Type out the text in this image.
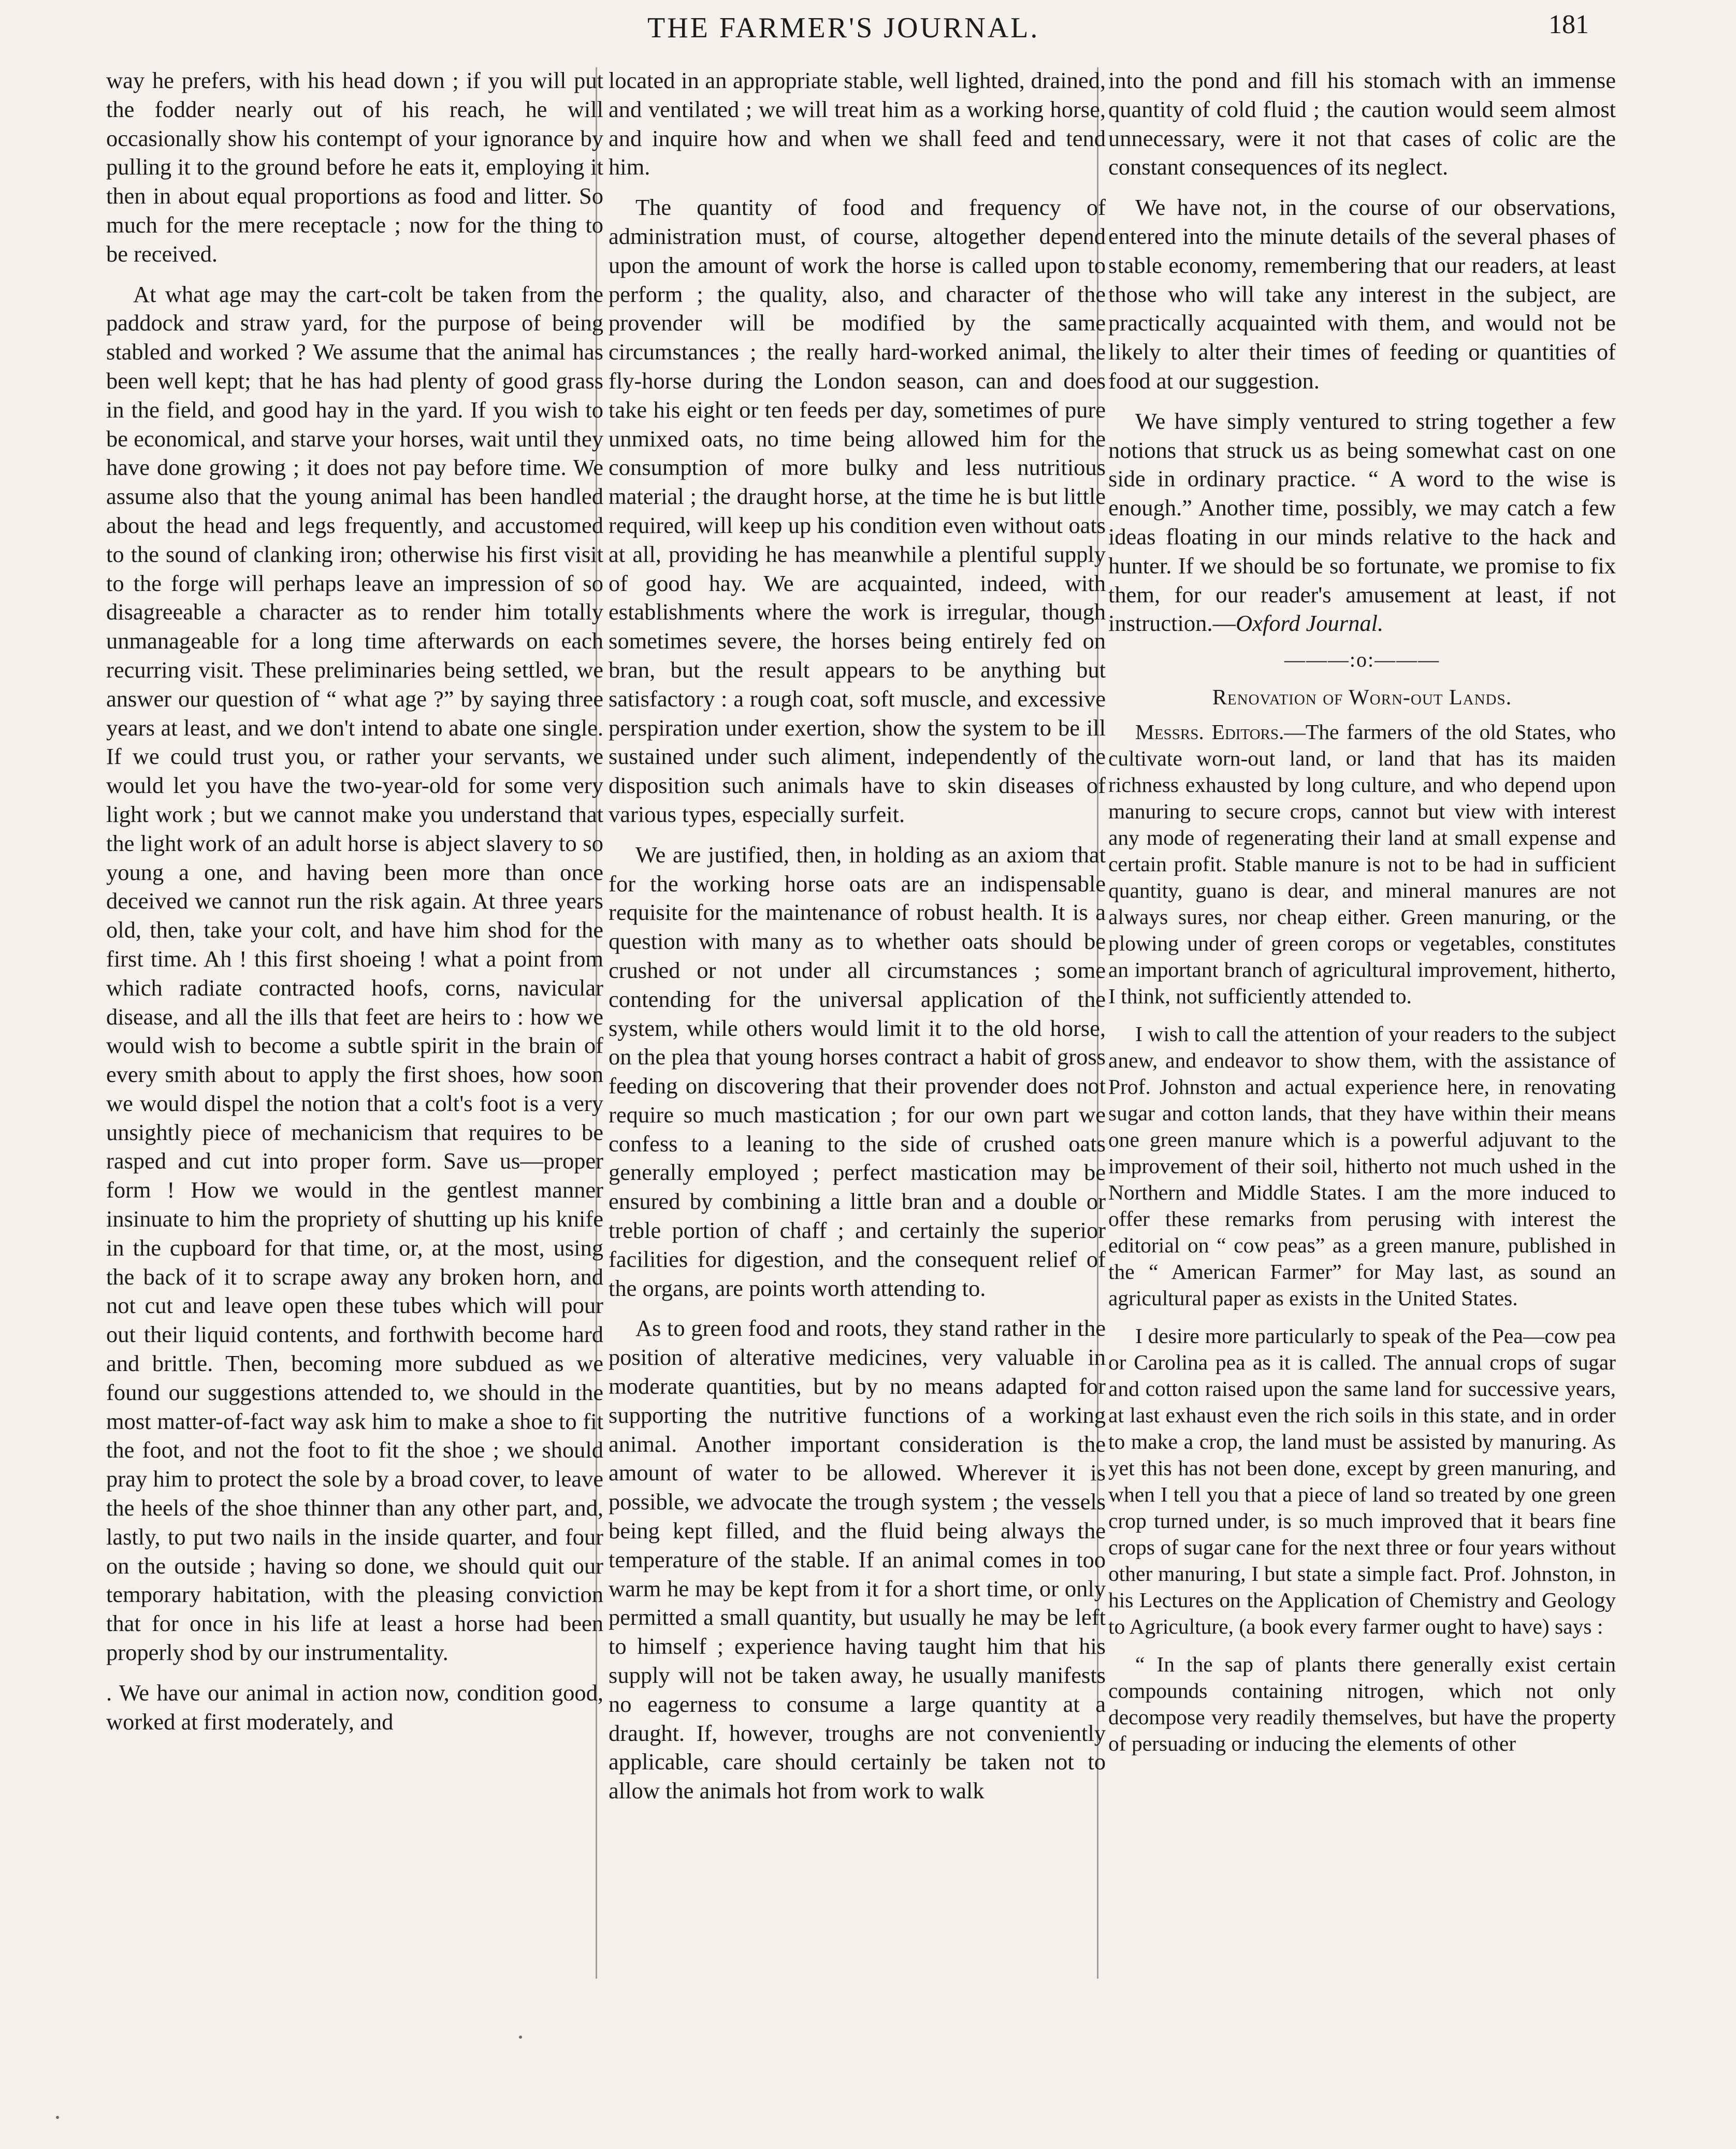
THE FARMER'S JOURNAL.	181

way he prefers, with his head down ; if you will put the fodder nearly out of his reach, he will occasionally show his contempt of your ignorance by pulling it to the ground before he eats it, employing it then in about equal proportions as food and litter. So much for the mere receptacle ; now for the thing to be received.

At what age may the cart-colt be taken from the paddock and straw yard, for the purpose of being stabled and worked ? We assume that the animal has been well kept; that he has had plenty of good grass in the field, and good hay in the yard. If you wish to be economical, and starve your horses, wait until they have done growing ; it does not pay before time. We assume also that the young animal has been handled about the head and legs frequently, and accustomed to the sound of clanking iron; otherwise his first visit to the forge will perhaps leave an impression of so disagreeable a character as to render him totally unmanageable for a long time afterwards on each recurring visit. These preliminaries being settled, we answer our question of “ what age ?” by saying three years at least, and we don't intend to abate one single. If we could trust you, or rather your servants, we would let you have the two-year-old for some very light work ; but we cannot make you understand that the light work of an adult horse is abject slavery to so young a one, and having been more than once deceived we cannot run the risk again. At three years old, then, take your colt, and have him shod for the first time. Ah ! this first shoeing ! what a point from which radiate contracted hoofs, corns, navicular disease, and all the ills that feet are heirs to : how we would wish to become a subtle spirit in the brain of every smith about to apply the first shoes, how soon we would dispel the notion that a colt's foot is a very unsightly piece of mechanicism that requires to be rasped and cut into proper form. Save us—proper form ! How we would in the gentlest manner insinuate to him the propriety of shutting up his knife in the cupboard for that time, or, at the most, using the back of it to scrape away any broken horn, and not cut and leave open these tubes which will pour out their liquid contents, and forthwith become hard and brittle. Then, becoming more subdued as we found our suggestions attended to, we should in the most matter-of-fact way ask him to make a shoe to fit the foot, and not the foot to fit the shoe ; we should pray him to protect the sole by a broad cover, to leave the heels of the shoe thinner than any other part, and, lastly, to put two nails in the inside quarter, and four on the outside ; having so done, we should quit our temporary habitation, with the pleasing conviction that for once in his life at least a horse had been properly shod by our instrumentality.

. We have our animal in action now, condition good, worked at first moderately, and

located in an appropriate stable, well lighted, drained, and ventilated ; we will treat him as a working horse, and inquire how and when we shall feed and tend him.

The quantity of food and frequency of administration must, of course, altogether depend upon the amount of work the horse is called upon to perform ; the quality, also, and character of the provender will be modified by the same circumstances ; the really hard-worked animal, the fly-horse during the London season, can and does take his eight or ten feeds per day, sometimes of pure unmixed oats, no time being allowed him for the consumption of more bulky and less nutritious material ; the draught horse, at the time he is but little required, will keep up his condition even without oats at all, providing he has meanwhile a plentiful supply of good hay. We are acquainted, indeed, with establishments where the work is irregular, though sometimes severe, the horses being entirely fed on bran, but the result appears to be anything but satisfactory : a rough coat, soft muscle, and excessive perspiration under exertion, show the system to be ill sustained under such aliment, independently of the disposition such animals have to skin diseases of various types, especially surfeit.

We are justified, then, in holding as an axiom that for the working horse oats are an indispensable requisite for the maintenance of robust health. It is a question with many as to whether oats should be crushed or not under all circumstances ; some contending for the universal application of the system, while others would limit it to the old horse, on the plea that young horses contract a habit of gross feeding on discovering that their provender does not require so much mastication ; for our own part we confess to a leaning to the side of crushed oats generally employed ; perfect mastication may be ensured by combining a little bran and a double or treble portion of chaff ; and certainly the superior facilities for digestion, and the consequent relief of the organs, are points worth attending to.

As to green food and roots, they stand rather in the position of alterative medicines, very valuable in moderate quantities, but by no means adapted for supporting the nutritive functions of a working animal. Another important consideration is the amount of water to be allowed. Wherever it is possible, we advocate the trough system ; the vessels being kept filled, and the fluid being always the temperature of the stable. If an animal comes in too warm he may be kept from it for a short time, or only permitted a small quantity, but usually he may be left to himself ; experience having taught him that his supply will not be taken away, he usually manifests no eagerness to consume a large quantity at a draught. If, however, troughs are not conveniently applicable, care should certainly be taken not to allow the animals hot from work to walk

into the pond and fill his stomach with an immense quantity of cold fluid ; the caution would seem almost unnecessary, were it not that cases of colic are the constant consequences of its neglect.

We have not, in the course of our observations, entered into the minute details of the several phases of stable economy, remembering that our readers, at least those who will take any interest in the subject, are practically acquainted with them, and would not be likely to alter their times of feeding or quantities of food at our suggestion.

We have simply ventured to string together a few notions that struck us as being somewhat cast on one side in ordinary practice. “ A word to the wise is enough.” Another time, possibly, we may catch a few ideas floating in our minds relative to the hack and hunter. If we should be so fortunate, we promise to fix them, for our reader's amusement at least, if not instruction.—Oxford Journal.

———:o:———
Renovation of Worn-out Lands.

Messrs. Editors.—The farmers of the old States, who cultivate worn-out land, or land that has its maiden richness exhausted by long culture, and who depend upon manuring to secure crops, cannot but view with interest any mode of regenerating their land at small expense and certain profit. Stable manure is not to be had in sufficient quantity, guano is dear, and mineral manures are not always sures, nor cheap either. Green manuring, or the plowing under of green corops or vegetables, constitutes an important branch of agricultural improvement, hitherto, I think, not sufficiently attended to.

I wish to call the attention of your readers to the subject anew, and endeavor to show them, with the assistance of Prof. Johnston and actual experience here, in renovating sugar and cotton lands, that they have within their means one green manure which is a powerful adjuvant to the improvement of their soil, hitherto not much ushed in the Northern and Middle States. I am the more induced to offer these remarks from perusing with interest the editorial on “ cow peas” as a green manure, published in the “ American Farmer” for May last, as sound an agricultural paper as exists in the United States.

I desire more particularly to speak of the Pea—cow pea or Carolina pea as it is called. The annual crops of sugar and cotton raised upon the same land for successive years, at last exhaust even the rich soils in this state, and in order to make a crop, the land must be assisted by manuring. As yet this has not been done, except by green manuring, and when I tell you that a piece of land so treated by one green crop turned under, is so much improved that it bears fine crops of sugar cane for the next three or four years without other manuring, I but state a simple fact. Prof. Johnston, in his Lectures on the Application of Chemistry and Geology to Agriculture, (a book every farmer ought to have) says :

“ In the sap of plants there generally exist certain compounds containing nitrogen, which not only decompose very readily themselves, but have the property of persuading or inducing the elements of other
